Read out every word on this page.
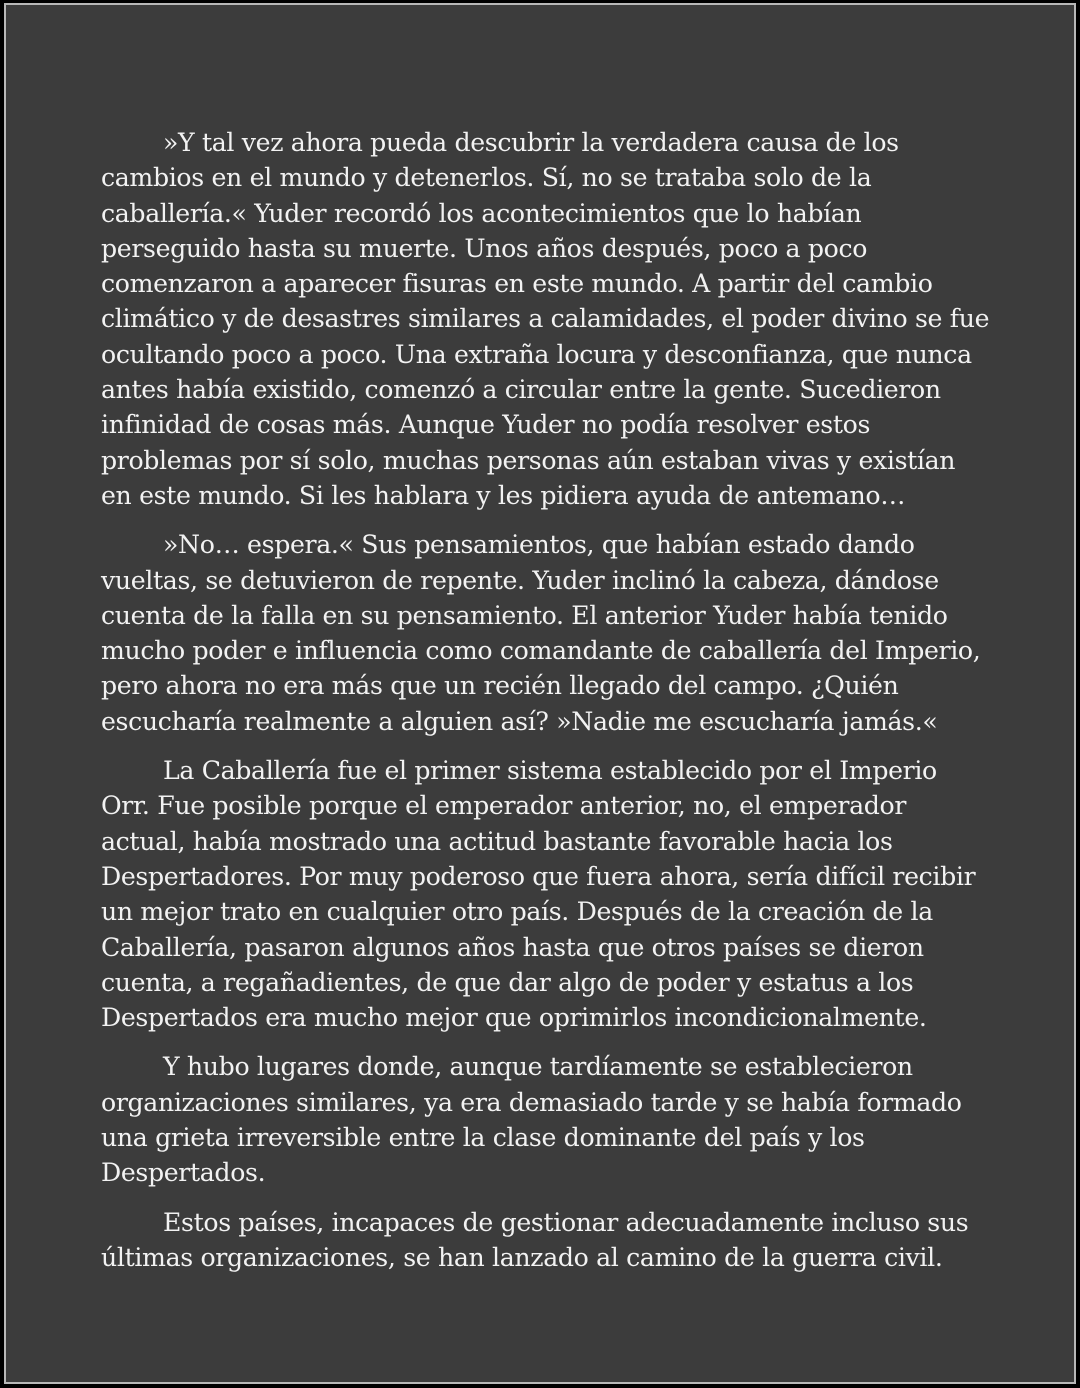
»Y tal vez ahora pueda descubrir la verdadera causa de los cambios en el mundo y detenerlos. Sí, no se trataba solo de la caballería.« Yuder recordó los acontecimientos que lo habían perseguido hasta su muerte. Unos años después, poco a poco comenzaron a aparecer fisuras en este mundo. A partir del cambio climático y de desastres similares a calamidades, el poder divino se fue ocultando poco a poco. Una extraña locura y desconfianza, que nunca antes había existido, comenzó a circular entre la gente. Sucedieron infinidad de cosas más. Aunque Yuder no podía resolver estos problemas por sí solo, muchas personas aún estaban vivas y existían en este mundo. Si les hablara y les pidiera ayuda de antemano…

»No… espera.« Sus pensamientos, que habían estado dando vueltas, se detuvieron de repente. Yuder inclinó la cabeza, dándose cuenta de la falla en su pensamiento. El anterior Yuder había tenido mucho poder e influencia como comandante de caballería del Imperio, pero ahora no era más que un recién llegado del campo. ¿Quién escucharía realmente a alguien así? »Nadie me escucharía jamás.«

La Caballería fue el primer sistema establecido por el Imperio Orr. Fue posible porque el emperador anterior, no, el emperador actual, había mostrado una actitud bastante favorable hacia los Despertadores. Por muy poderoso que fuera ahora, sería difícil recibir un mejor trato en cualquier otro país. Después de la creación de la Caballería, pasaron algunos años hasta que otros países se dieron cuenta, a regañadientes, de que dar algo de poder y estatus a los Despertados era mucho mejor que oprimirlos incondicionalmente.

Y hubo lugares donde, aunque tardíamente se establecieron organizaciones similares, ya era demasiado tarde y se había formado una grieta irreversible entre la clase dominante del país y los Despertados.

Estos países, incapaces de gestionar adecuadamente incluso sus últimas organizaciones, se han lanzado al camino de la guerra civil.
